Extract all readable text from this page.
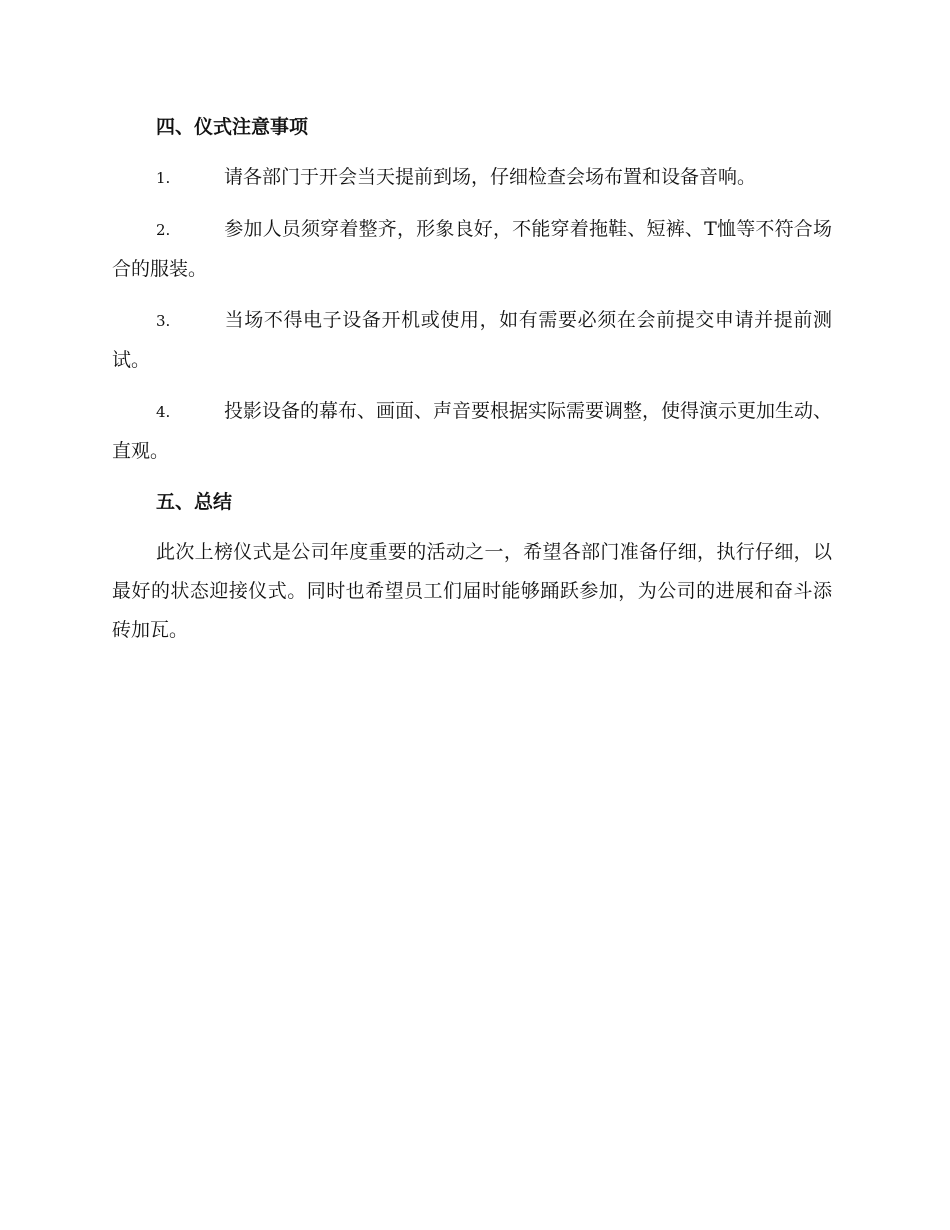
四、仪式注意事项
1.	请各部门于开会当天提前到场，仔细检查会场布置和设备音响。
2.	参加人员须穿着整齐，形象良好，不能穿着拖鞋、短裤、T恤等不符合场合的服装。
3.	当场不得电子设备开机或使用，如有需要必须在会前提交申请并提前测试。
4.	投影设备的幕布、画面、声音要根据实际需要调整，使得演示更加生动、直观。
五、总结
此次上榜仪式是公司年度重要的活动之一，希望各部门准备仔细，执行仔细，以最好的状态迎接仪式。同时也希望员工们届时能够踊跃参加，为公司的进展和奋斗添砖加瓦。
